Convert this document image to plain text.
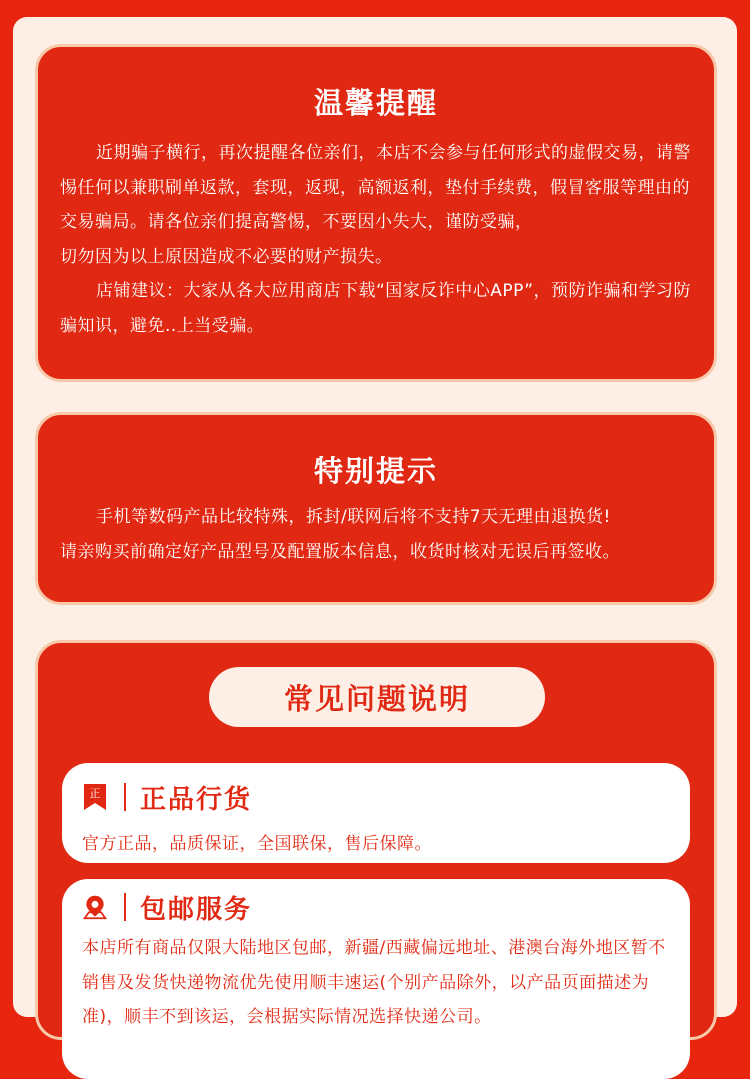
温馨提醒

近期骗子横行，再次提醒各位亲们，本店不会参与任何形式的虚假交易，请警惕任何以兼职刷单返款，套现，返现，高额返利，垫付手续费，假冒客服等理由的交易骗局。请各位亲们提高警惕，不要因小失大，谨防受骗，

切勿因为以上原因造成不必要的财产损失。

店铺建议：大家从各大应用商店下载“国家反诈中心APP”，预防诈骗和学习防骗知识，避免..上当受骗。

特别提示

手机等数码产品比较特殊，拆封/联网后将不支持7天无理由退换货!

请亲购买前确定好产品型号及配置版本信息，收货时核对无误后再签收。

常见问题说明
正 正品行货

官方正品，品质保证，全国联保，售后保障。

包邮服务

本店所有商品仅限大陆地区包邮，新疆/西藏偏远地址、港澳台海外地区暂不销售及发货快递物流优先使用顺丰速运(个别产品除外，以产品页面描述为准)，顺丰不到该运，会根据实际情况选择快递公司。
